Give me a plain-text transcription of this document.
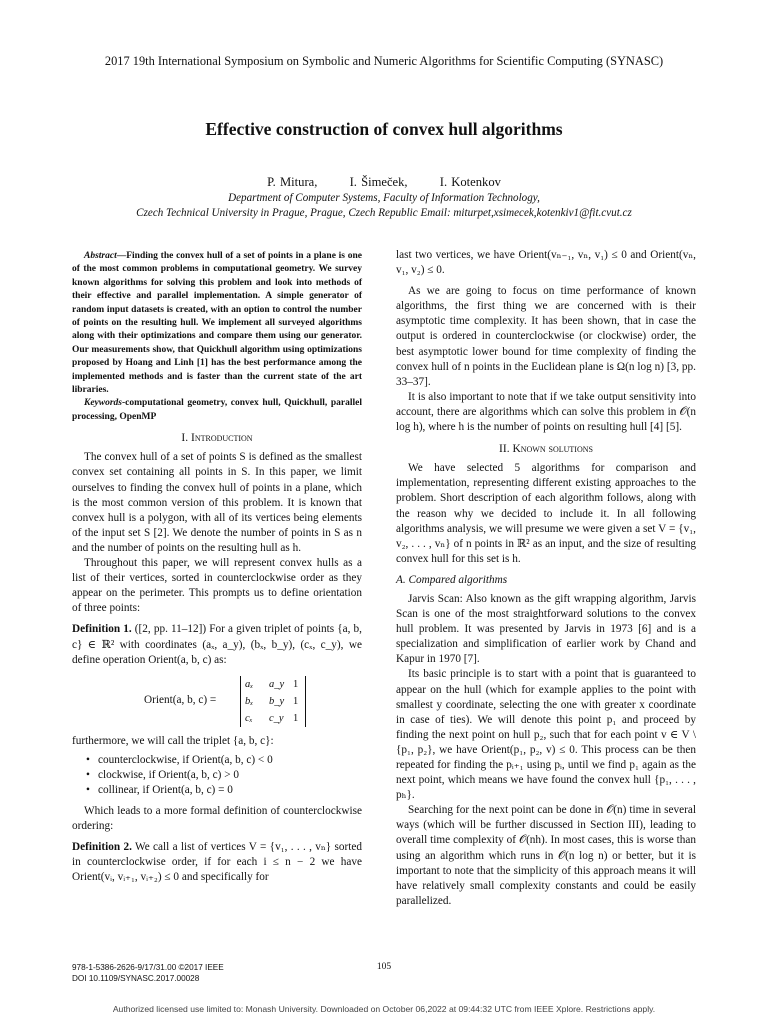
2017 19th International Symposium on Symbolic and Numeric Algorithms for Scientific Computing (SYNASC)
Effective construction of convex hull algorithms
P. Mitura,	I. Šimeček,	I. Kotenkov
Department of Computer Systems, Faculty of Information Technology,
Czech Technical University in Prague, Prague, Czech Republic Email: miturpet,xsimecek,kotenkiv1@fit.cvut.cz

Abstract—Finding the convex hull of a set of points in a plane is one of the most common problems in computational geometry. We survey known algorithms for solving this problem and look into methods of their effective and parallel implementation. A simple generator of random input datasets is created, with an option to control the number of points on the resulting hull. We implement all surveyed algorithms along with their optimizations and compare them using our generator. Our measurements show, that Quickhull algorithm using optimizations proposed by Hoang and Linh [1] has the best performance among the implemented methods and is faster than the current state of the art libraries.

Keywords-computational geometry, convex hull, Quickhull, parallel processing, OpenMP

I. Introduction

The convex hull of a set of points S is defined as the smallest convex set containing all points in S. In this paper, we limit ourselves to finding the convex hull of points in a plane, which is the most common version of this problem. It is known that convex hull is a polygon, with all of its vertices being elements of the input set S [2]. We denote the number of points in S as n and the number of points on the resulting hull as h.

Throughout this paper, we will represent convex hulls as a list of their vertices, sorted in counterclockwise order as they appear on the perimeter. This prompts us to define orientation of three points:

Definition 1. ([2, pp. 11–12]) For a given triplet of points {a, b, c} ∈ ℝ² with coordinates (aₓ, a_y), (bₓ, b_y), (cₓ, c_y), we define operation Orient(a, b, c) as:

Orient(a, b, c) =
aₓ a_y 1
bₓ b_y 1
cₓ c_y 1

furthermore, we will call the triplet {a, b, c}:

• counterclockwise, if Orient(a, b, c) < 0
• clockwise, if Orient(a, b, c) > 0
• collinear, if Orient(a, b, c) = 0

Which leads to a more formal definition of counterclockwise ordering:

Definition 2. We call a list of vertices V = {v₁, . . . , vₙ} sorted in counterclockwise order, if for each i ≤ n − 2 we have Orient(vᵢ, vᵢ₊₁, vᵢ₊₂) ≤ 0 and specifically for

last two vertices, we have Orient(vₙ₋₁, vₙ, v₁) ≤ 0 and Orient(vₙ, v₁, v₂) ≤ 0.

As we are going to focus on time performance of known algorithms, the first thing we are concerned with is their asymptotic time complexity. It has been shown, that in case the output is ordered in counterclockwise (or clockwise) order, the best asymptotic lower bound for time complexity of finding the convex hull of n points in the Euclidean plane is Ω(n log n) [3, pp. 33–37].

It is also important to note that if we take output sensitivity into account, there are algorithms which can solve this problem in 𝒪(n log h), where h is the number of points on resulting hull [4] [5].

II. Known solutions

We have selected 5 algorithms for comparison and implementation, representing different existing approaches to the problem. Short description of each algorithm follows, along with the reason why we decided to include it. In all following algorithms analysis, we will presume we were given a set V = {v₁, v₂, . . . , vₙ} of n points in ℝ² as an input, and the size of resulting convex hull for this set is h.

A. Compared algorithms

Jarvis Scan: Also known as the gift wrapping algorithm, Jarvis Scan is one of the most straightforward solutions to the convex hull problem. It was presented by Jarvis in 1973 [6] and is a specialization and simplification of earlier work by Chand and Kapur in 1970 [7].

Its basic principle is to start with a point that is guaranteed to appear on the hull (which for example applies to the point with smallest y coordinate, selecting the one with greater x coordinate in case of ties). We will denote this point p₁ and proceed by finding the next point on hull p₂, such that for each point v ∈ V \ {p₁, p₂}, we have Orient(p₁, p₂, v) ≤ 0. This process can be then repeated for finding the pᵢ₊₁ using pᵢ, until we find p₁ again as the next point, which means we have found the convex hull {p₁, . . . , pₕ}.

Searching for the next point can be done in 𝒪(n) time in several ways (which will be further discussed in Section III), leading to overall time complexity of 𝒪(nh). In most cases, this is worse than using an algorithm which runs in 𝒪(n log n) or better, but it is important to note that the simplicity of this approach means it will have relatively small complexity constants and could be easily parallelized.

978-1-5386-2626-9/17/31.00 ©2017 IEEE
DOI 10.1109/SYNASC.2017.00028
105
Authorized licensed use limited to: Monash University. Downloaded on October 06,2022 at 09:44:32 UTC from IEEE Xplore. Restrictions apply.
